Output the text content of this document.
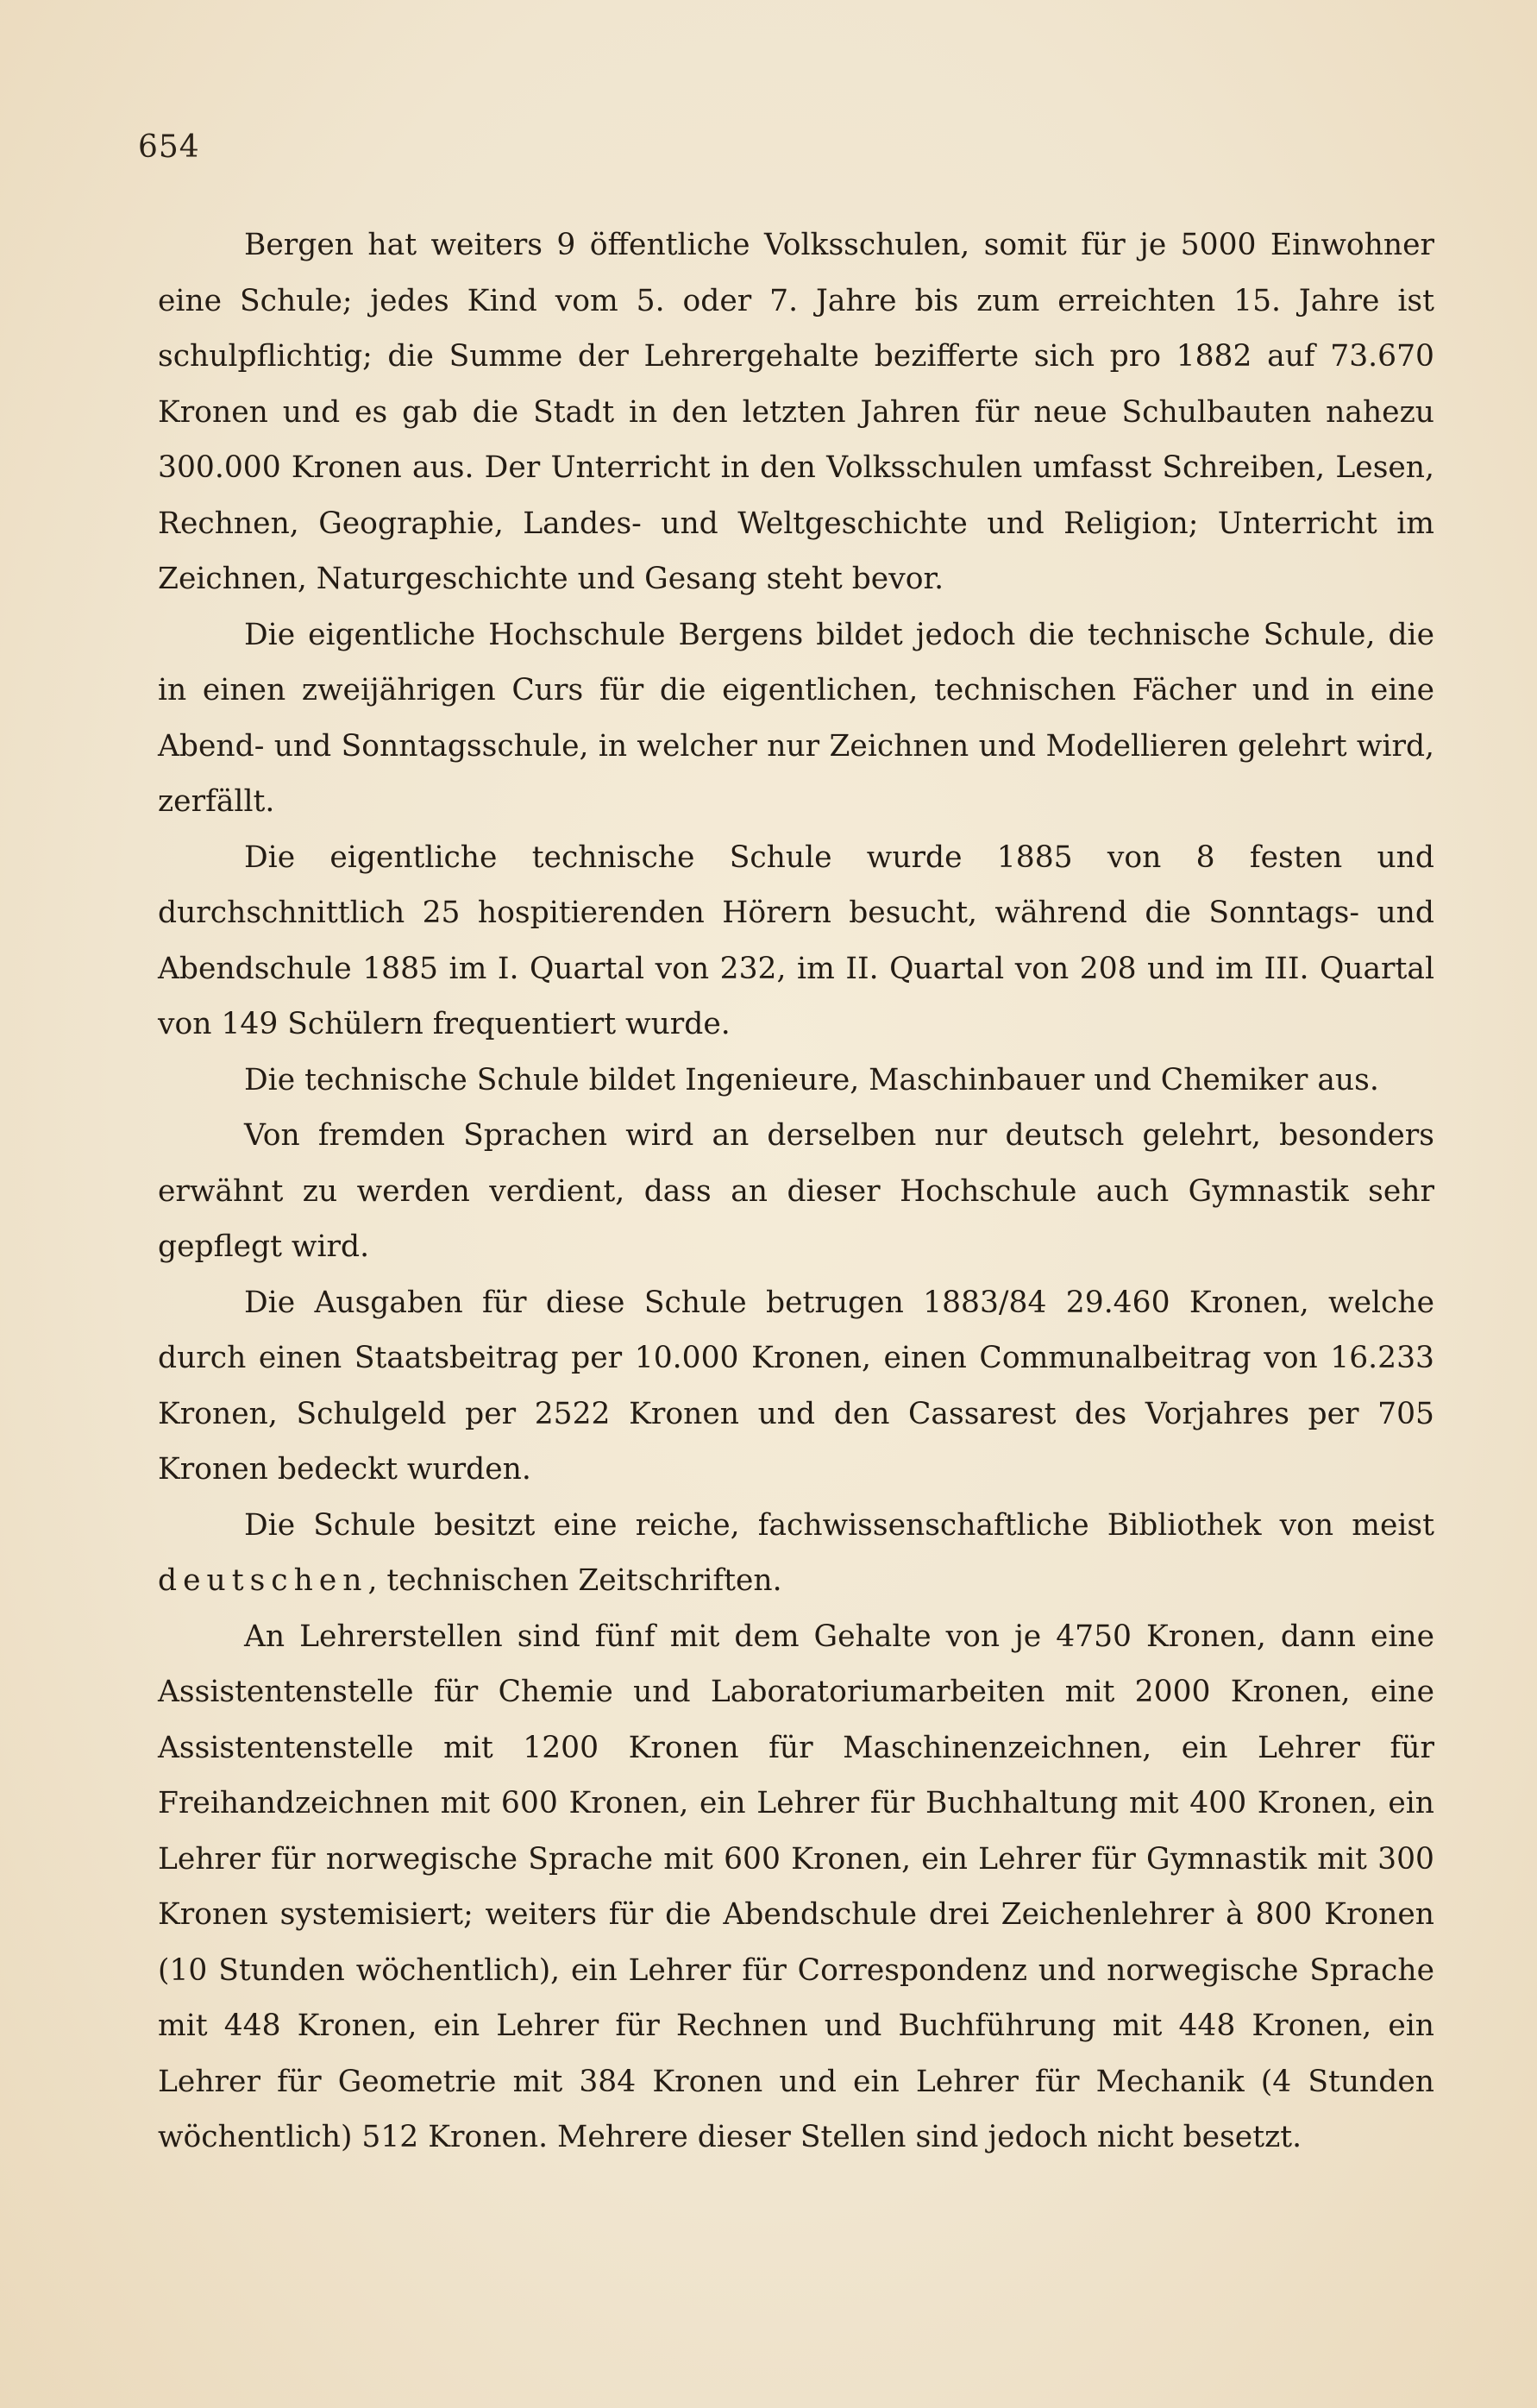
654

Bergen hat weiters 9 öffentliche Volksschulen, somit für je 5000 Einwohner eine Schule; jedes Kind vom 5. oder 7. Jahre bis zum erreichten 15. Jahre ist schulpflichtig; die Summe der Lehrergehalte bezifferte sich pro 1882 auf 73.670 Kronen und es gab die Stadt in den letzten Jahren für neue Schulbauten nahezu 300.000 Kronen aus. Der Unterricht in den Volksschulen umfasst Schreiben, Lesen, Rechnen, Geographie, Landes- und Weltgeschichte und Religion; Unterricht im Zeichnen, Naturgeschichte und Gesang steht bevor.

Die eigentliche Hochschule Bergens bildet jedoch die technische Schule, die in einen zweijährigen Curs für die eigentlichen, technischen Fächer und in eine Abend- und Sonntagsschule, in welcher nur Zeichnen und Modellieren gelehrt wird, zerfällt.

Die eigentliche technische Schule wurde 1885 von 8 festen und durchschnittlich 25 hospitierenden Hörern besucht, während die Sonntags- und Abendschule 1885 im I. Quartal von 232, im II. Quartal von 208 und im III. Quartal von 149 Schülern frequentiert wurde.

Die technische Schule bildet Ingenieure, Maschinbauer und Chemiker aus.

Von fremden Sprachen wird an derselben nur deutsch gelehrt, besonders erwähnt zu werden verdient, dass an dieser Hochschule auch Gymnastik sehr gepflegt wird.

Die Ausgaben für diese Schule betrugen 1883/84 29.460 Kronen, welche durch einen Staatsbeitrag per 10.000 Kronen, einen Communalbeitrag von 16.233 Kronen, Schulgeld per 2522 Kronen und den Cassarest des Vorjahres per 705 Kronen bedeckt wurden.

Die Schule besitzt eine reiche, fachwissenschaftliche Bibliothek von meist deutschen, technischen Zeitschriften.

An Lehrerstellen sind fünf mit dem Gehalte von je 4750 Kronen, dann eine Assistentenstelle für Chemie und Laboratoriumarbeiten mit 2000 Kronen, eine Assistentenstelle mit 1200 Kronen für Maschinenzeichnen, ein Lehrer für Freihandzeichnen mit 600 Kronen, ein Lehrer für Buchhaltung mit 400 Kronen, ein Lehrer für norwegische Sprache mit 600 Kronen, ein Lehrer für Gymnastik mit 300 Kronen systemisiert; weiters für die Abendschule drei Zeichenlehrer à 800 Kronen (10 Stunden wöchentlich), ein Lehrer für Correspondenz und norwegische Sprache mit 448 Kronen, ein Lehrer für Rechnen und Buchführung mit 448 Kronen, ein Lehrer für Geometrie mit 384 Kronen und ein Lehrer für Mechanik (4 Stunden wöchentlich) 512 Kronen. Mehrere dieser Stellen sind jedoch nicht besetzt.
